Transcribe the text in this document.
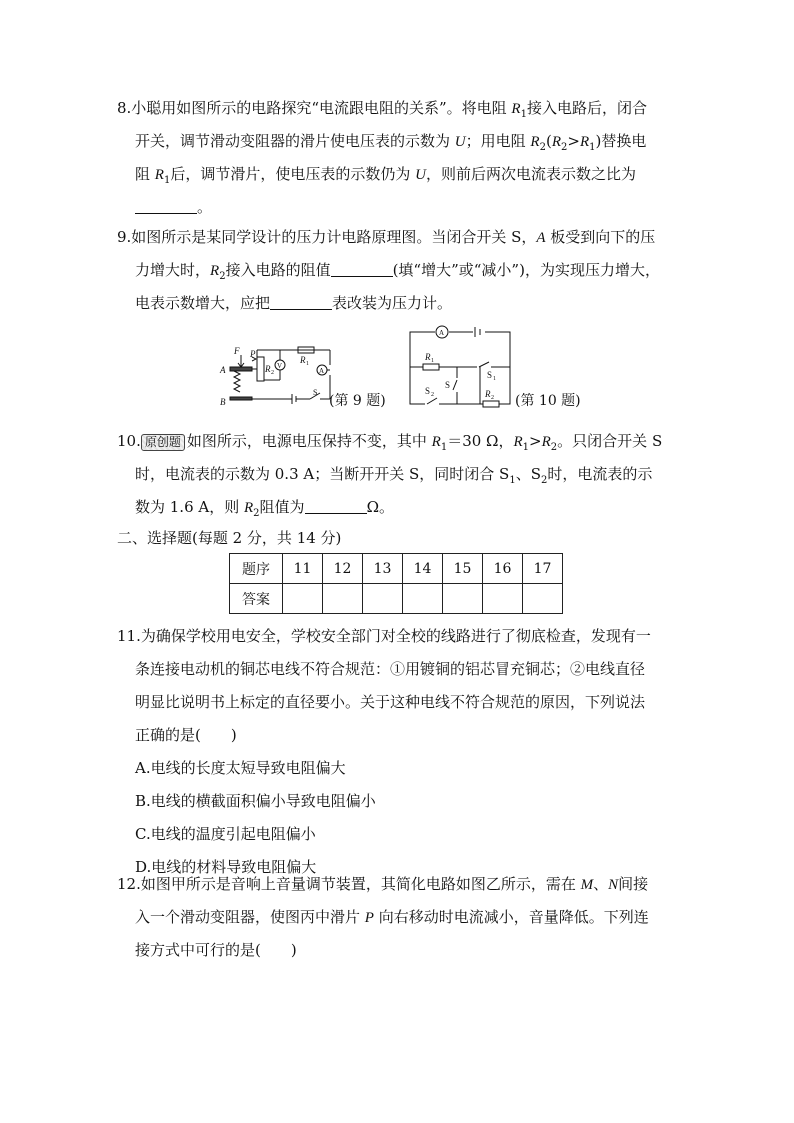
8.小聪用如图所示的电路探究“电流跟电阻的关系”。将电阻 $R_1$接入电路后，闭合
开关，调节滑动变阻器的滑片使电压表的示数为 U；用电阻 $R_2(R_2>R_1)$替换电
阻 $R_1$后，调节滑片，使电压表的示数仍为 U，则前后两次电流表示数之比为
。
9.如图所示是某同学设计的压力计电路原理图。当闭合开关 S，A 板受到向下的压
力增大时，$R_2$接入电路的阻值	(填“增大”或“减小”)，为实现压力增大，
电表示数增大，应把	表改装为压力计。
F P
A
B
R 2
R 1
V
A
S
(第 9 题)
A
R 1
S 1
S 2
S
R 2 (第 10 题)
10. 原创题 如图所示，电源电压保持不变，其中 $R_1=30$ Ω，$R_1>R_2$。只闭合开关 S
时，电流表的示数为 0.3 A；当断开开关 S，同时闭合 $S_1$、$S_2$时，电流表的示
数为 1.6 A，则 $R_2$阻值为	Ω。
二、选择题(每题 2 分，共 14 分)
题序	11	12	13	14	15	16	17
答案							
11.为确保学校用电安全，学校安全部门对全校的线路进行了彻底检查，发现有一
条连接电动机的铜芯电线不符合规范：①用镀铜的铝芯冒充铜芯；②电线直径
明显比说明书上标定的直径要小。关于这种电线不符合规范的原因，下列说法
正确的是(　　)
A.电线的长度太短导致电阻偏大
B.电线的横截面积偏小导致电阻偏小
C.电线的温度引起电阻偏小
D.电线的材料导致电阻偏大
12.如图甲所示是音响上音量调节装置，其简化电路如图乙所示，需在 M、N间接
入一个滑动变阻器，使图丙中滑片 P 向右移动时电流减小，音量降低。下列连
接方式中可行的是(　　)
